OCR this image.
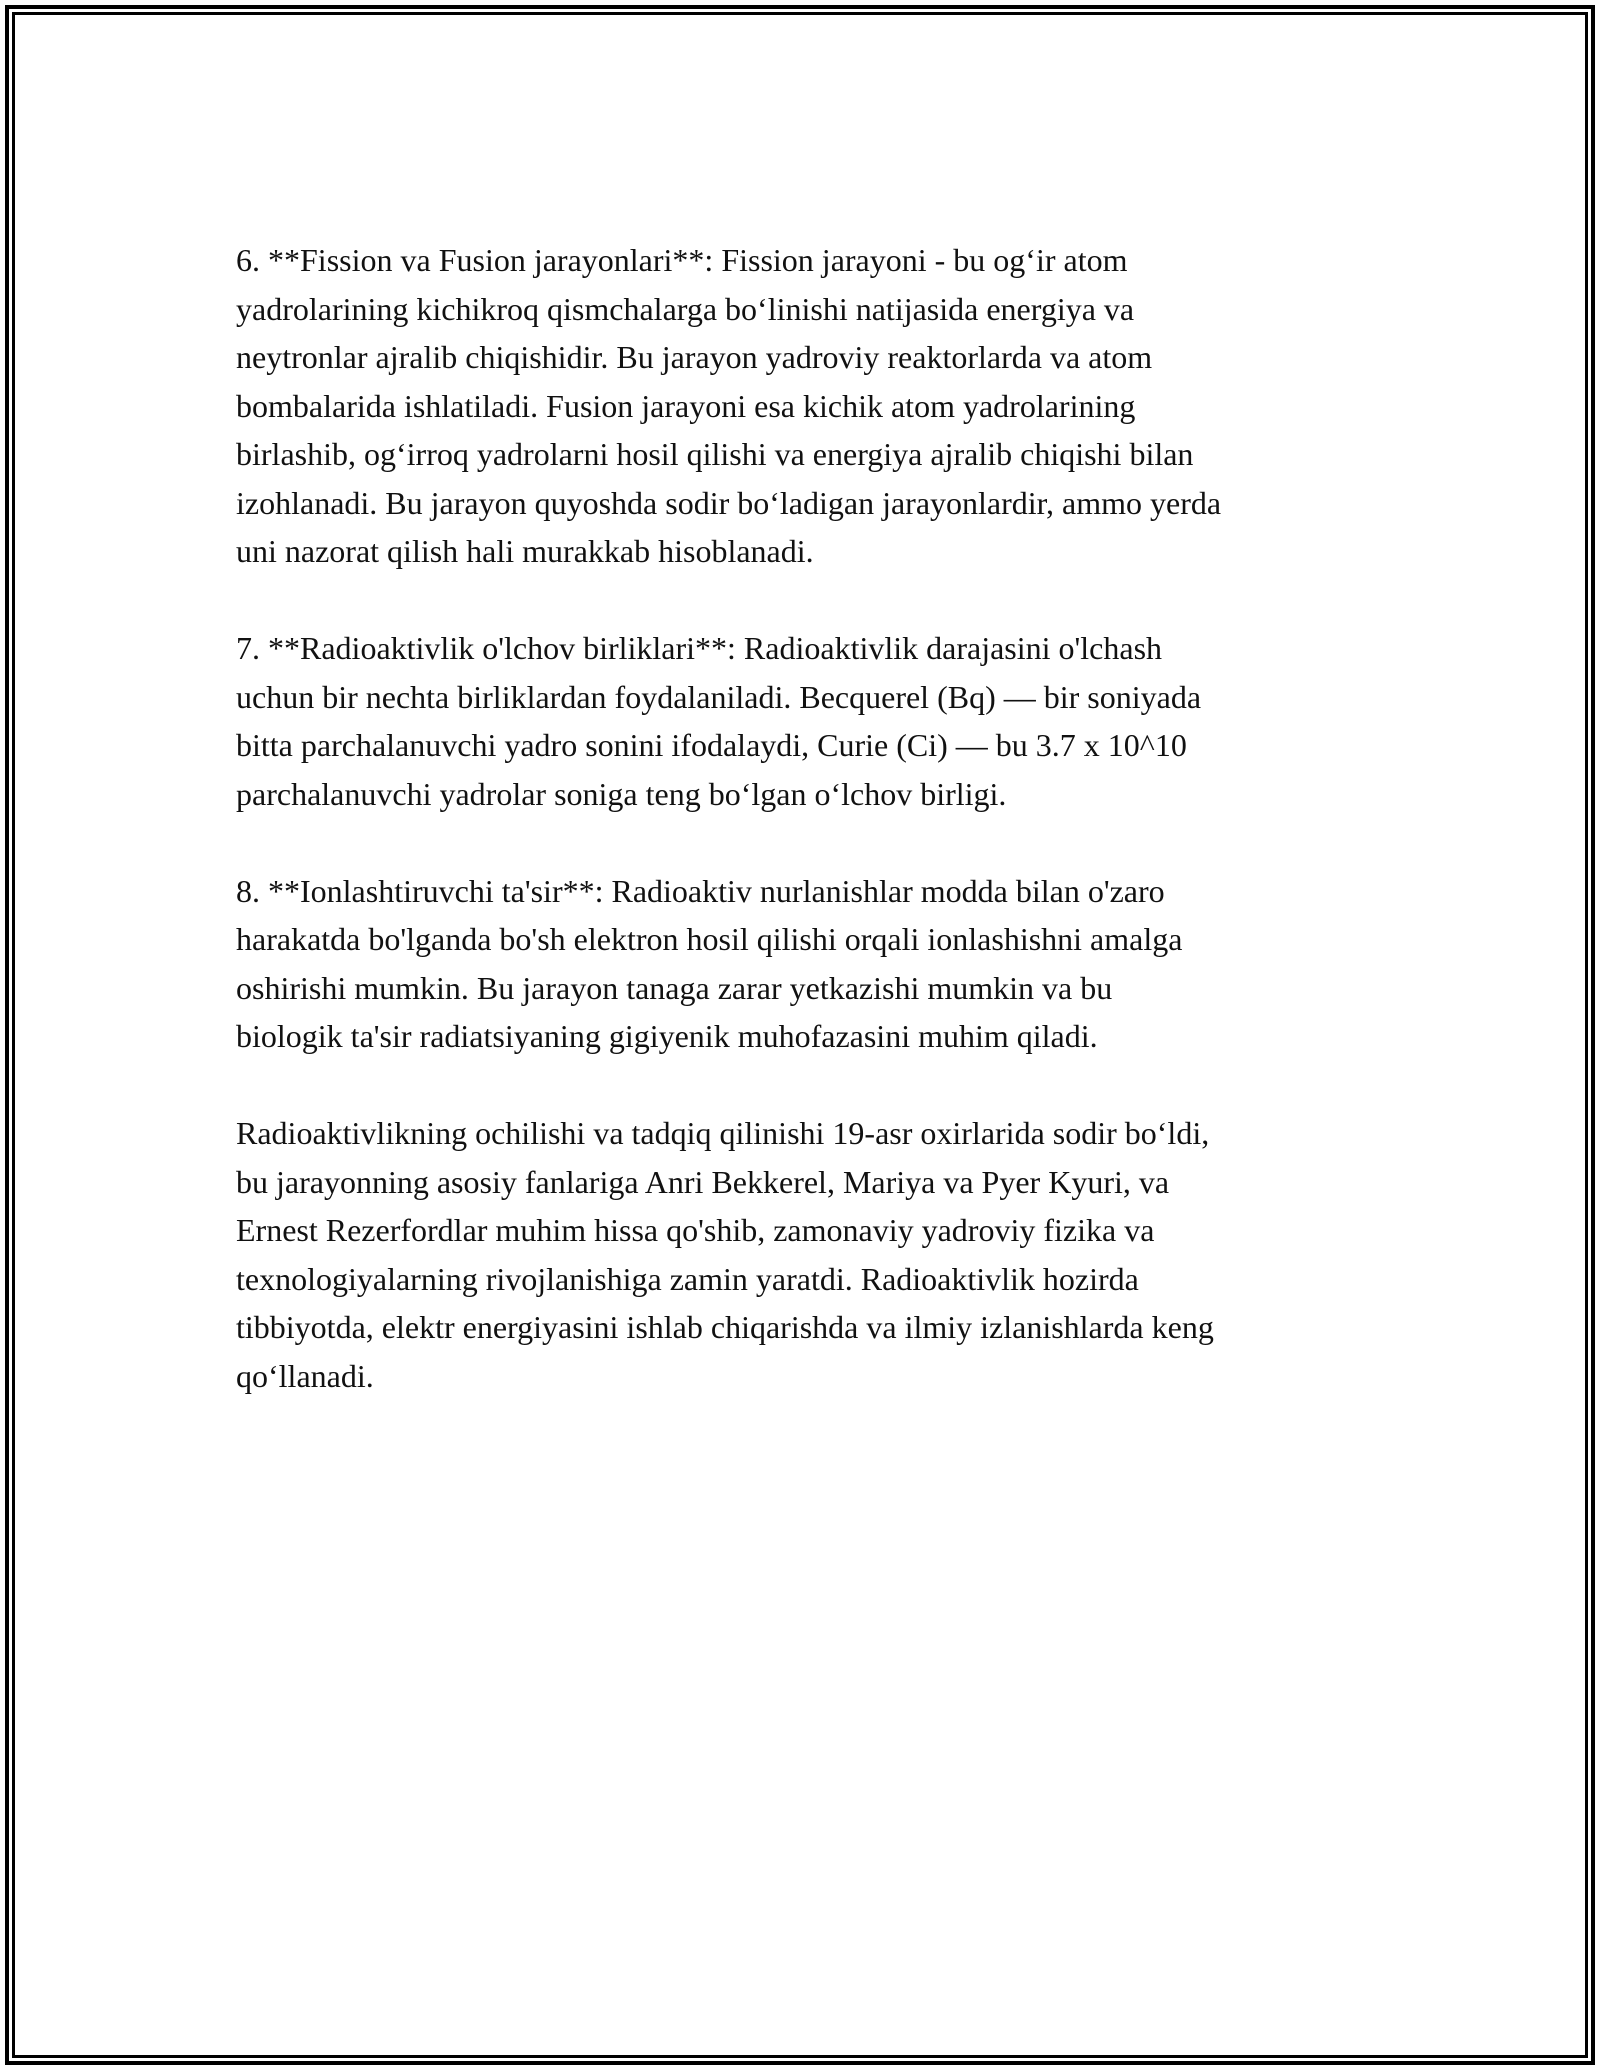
6. **Fission va Fusion jarayonlari**: Fission jarayoni - bu og‘ir atom
yadrolarining kichikroq qismchalarga bo‘linishi natijasida energiya va
neytronlar ajralib chiqishidir. Bu jarayon yadroviy reaktorlarda va atom
bombalarida ishlatiladi. Fusion jarayoni esa kichik atom yadrolarining
birlashib, og‘irroq yadrolarni hosil qilishi va energiya ajralib chiqishi bilan
izohlanadi. Bu jarayon quyoshda sodir bo‘ladigan jarayonlardir, ammo yerda
uni nazorat qilish hali murakkab hisoblanadi.

7. **Radioaktivlik o'lchov birliklari**: Radioaktivlik darajasini o'lchash
uchun bir nechta birliklardan foydalaniladi. Becquerel (Bq) — bir soniyada
bitta parchalanuvchi yadro sonini ifodalaydi, Curie (Ci) — bu 3.7 x 10^10
parchalanuvchi yadrolar soniga teng bo‘lgan o‘lchov birligi.

8. **Ionlashtiruvchi ta'sir**: Radioaktiv nurlanishlar modda bilan o'zaro
harakatda bo'lganda bo'sh elektron hosil qilishi orqali ionlashishni amalga
oshirishi mumkin. Bu jarayon tanaga zarar yetkazishi mumkin va bu
biologik ta'sir radiatsiyaning gigiyenik muhofazasini muhim qiladi.

Radioaktivlikning ochilishi va tadqiq qilinishi 19-asr oxirlarida sodir bo‘ldi,
bu jarayonning asosiy fanlariga Anri Bekkerel, Mariya va Pyer Kyuri, va
Ernest Rezerfordlar muhim hissa qo'shib, zamonaviy yadroviy fizika va
texnologiyalarning rivojlanishiga zamin yaratdi. Radioaktivlik hozirda
tibbiyotda, elektr energiyasini ishlab chiqarishda va ilmiy izlanishlarda keng
qo‘llanadi.
